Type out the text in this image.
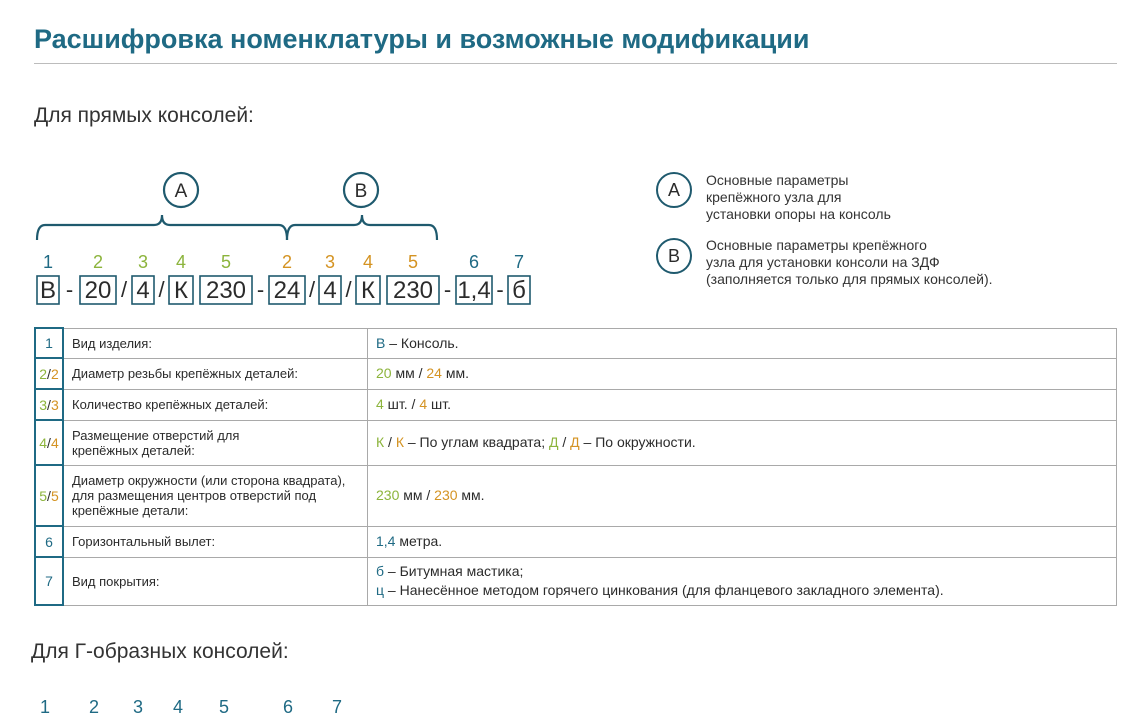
Расшифровка номенклатуры и возможные модификации
Для прямых консолей:
A	B
1 2 3 4 5	2 3 4 5	6 7
В - 20 / 4 / К 230 - 24 / 4 / К 230 - 1,4 - б
A	Основные параметры
крепёжного узла для
установки опоры на консоль
B
Основные параметры крепёжного
узла для установки консоли на ЗДФ
(заполняется только для прямых консолей).
1	Вид изделия:	В – Консоль.
2/2	Диаметр резьбы крепёжных деталей:	20 мм / 24 мм.
3/3	Количество крепёжных деталей:	4 шт. / 4 шт.
4/4	Размещение отверстий для
крепёжных деталей:	К / К – По углам квадрата; Д / Д – По окружности.
5/5	Диаметр окружности (или сторона квадрата),
для размещения центров отверстий под
крепёжные детали:	230 мм / 230 мм.
6	Горизонтальный вылет:	1,4 метра.
7	Вид покрытия:	б – Битумная мастика;
ц – Нанесённое методом горячего цинкования (для фланцевого закладного элемента).
Для Г-образных консолей:
1 2 3 4 5	6 7
